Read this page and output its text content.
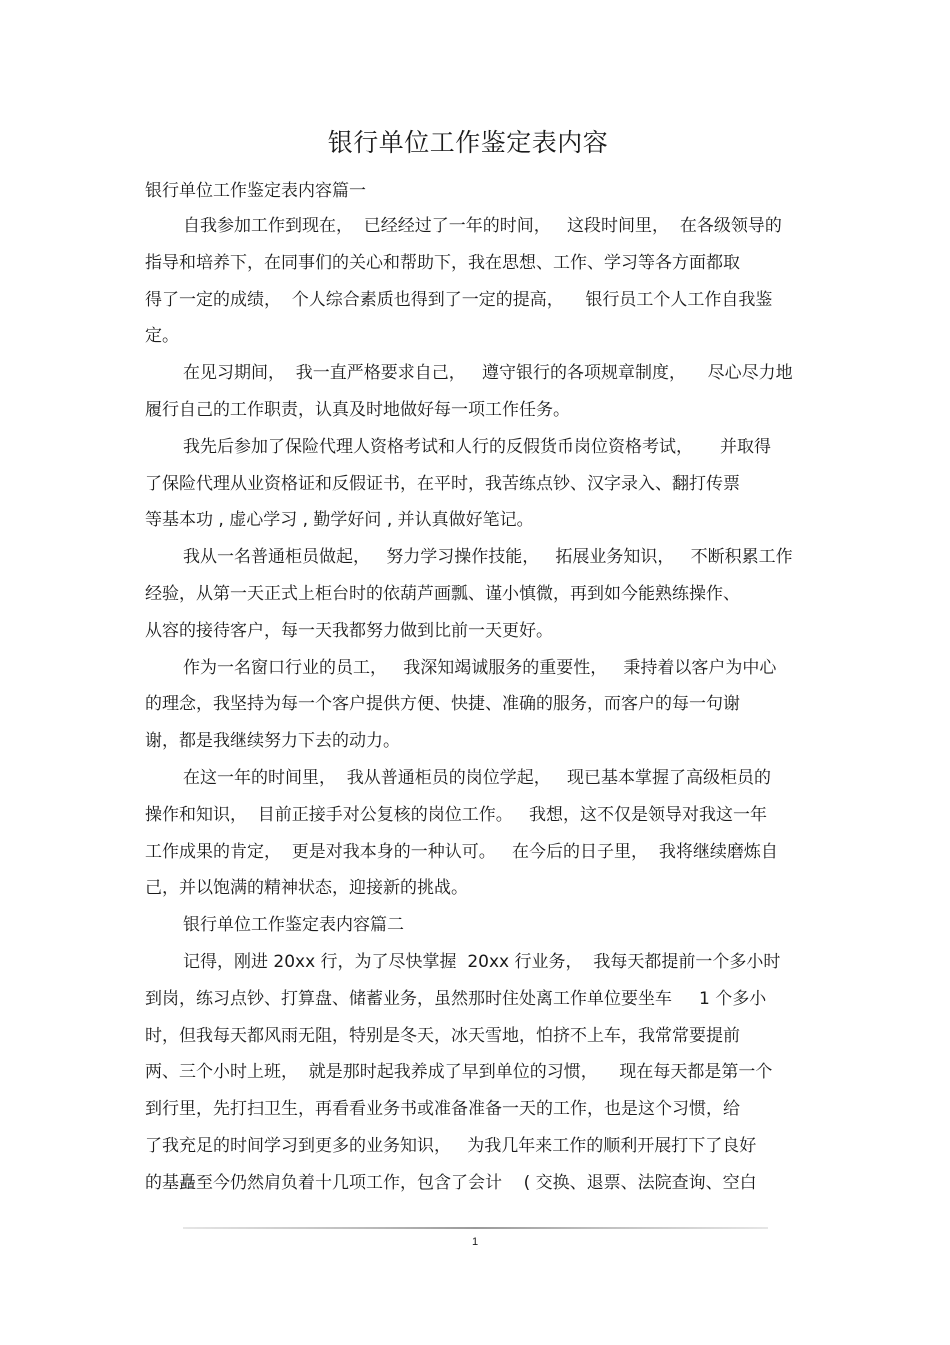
银行单位工作鉴定表内容
银行单位工作鉴定表内容篇一
自我参加工作到现在，  已经经过了一年的时间，   这段时间里，  在各级领导的
指导和培养下，在同事们的关心和帮助下，我在思想、工作、学习等各方面都取
得了一定的成绩，  个人综合素质也得到了一定的提高，    银行员工个人工作自我鉴
定。
在见习期间，  我一直严格要求自己，   遵守银行的各项规章制度，    尽心尽力地
履行自己的工作职责，认真及时地做好每一项工作任务。
我先后参加了保险代理人资格考试和人行的反假货币岗位资格考试，     并取得
了保险代理从业资格证和反假证书，在平时，我苦练点钞、汉字录入、翻打传票
等基本功 , 虚心学习 , 勤学好问 , 并认真做好笔记。
我从一名普通柜员做起，   努力学习操作技能，   拓展业务知识，   不断积累工作
经验，从第一天正式上柜台时的依葫芦画瓢、谨小慎微，再到如今能熟练操作、
从容的接待客户，每一天我都努力做到比前一天更好。
作为一名窗口行业的员工，   我深知竭诚服务的重要性，   秉持着以客户为中心
的理念，我坚持为每一个客户提供方便、快捷、准确的服务，而客户的每一句谢
谢，都是我继续努力下去的动力。
在这一年的时间里，  我从普通柜员的岗位学起，   现已基本掌握了高级柜员的
操作和知识，  目前正接手对公复核的岗位工作。   我想，这不仅是领导对我这一年
工作成果的肯定，  更是对我本身的一种认可。   在今后的日子里，  我将继续磨炼自
己，并以饱满的精神状态，迎接新的挑战。
银行单位工作鉴定表内容篇二
记得，刚进 20xx 行，为了尽快掌握  20xx 行业务，  我每天都提前一个多小时
到岗，练习点钞、打算盘、储蓄业务，虽然那时住处离工作单位要坐车     1 个多小
时，但我每天都风雨无阻，特别是冬天，冰天雪地，怕挤不上车，我常常要提前
两、三个小时上班，  就是那时起我养成了早到单位的习惯，    现在每天都是第一个
到行里，先打扫卫生，再看看业务书或准备准备一天的工作，也是这个习惯，给
了我充足的时间学习到更多的业务知识，   为我几年来工作的顺利开展打下了良好
的基矗至今仍然肩负着十几项工作，包含了会计    ( 交换、退票、法院查询、空白
1
